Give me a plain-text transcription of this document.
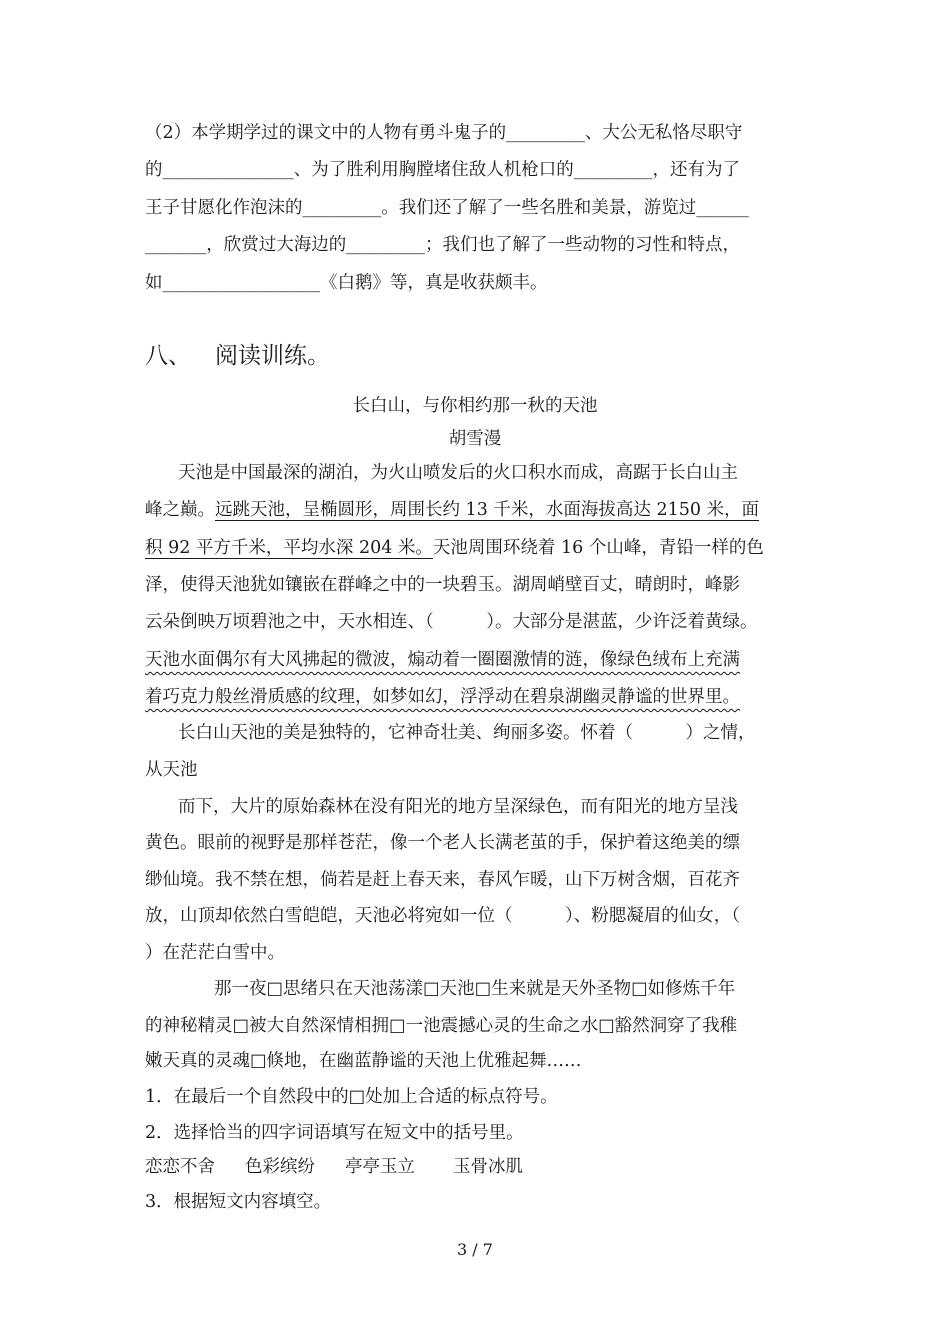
（2）本学期学过的课文中的人物有勇斗鬼子的_________、大公无私恪尽职守
的_______________、为了胜利用胸膛堵住敌人机枪口的_________，还有为了
王子甘愿化作泡沫的_________。我们还了解了一些名胜和美景，游览过______
_______，欣赏过大海边的_________；我们也了解了一些动物的习性和特点，
如__________________《白鹅》等，真是收获颇丰。
八、 阅读训练。
长白山，与你相约那一秋的天池
胡雪漫
天池是中国最深的湖泊，为火山喷发后的火口积水而成，高踞于长白山主
峰之巅。远跳天池，呈椭圆形，周围长约 13 千米，水面海拔高达 2150 米，面
积 92 平方千米，平均水深 204 米。天池周围环绕着 16 个山峰，青铅一样的色
泽，使得天池犹如镶嵌在群峰之中的一块碧玉。湖周峭壁百丈，晴朗时，峰影
云朵倒映万顷碧池之中，天水相连、（　　　）。大部分是湛蓝，少许泛着黄绿。
天池水面偶尔有大风拂起的微波，煽动着一圈圈激情的涟，像绿色绒布上充满
着巧克力般丝滑质感的纹理，如梦如幻，浮浮动在碧泉湖幽灵静谧的世界里。
长白山天池的美是独特的，它神奇壮美、绚丽多姿。怀着（　　　）之情，
从天池
而下，大片的原始森林在没有阳光的地方呈深绿色，而有阳光的地方呈浅
黄色。眼前的视野是那样苍茫，像一个老人长满老茧的手，保护着这绝美的缥
缈仙境。我不禁在想，倘若是赶上春天来，春风乍暖，山下万树含烟，百花齐
放，山顶却依然白雪皑皑，天池必将宛如一位（　　　）、粉腮凝眉的仙女，（
）在茫茫白雪中。
那一夜□思绪只在天池荡漾□天池□生来就是天外圣物□如修炼千年
的神秘精灵□被大自然深情相拥□一池震撼心灵的生命之水□豁然洞穿了我稚
嫩天真的灵魂□倏地，在幽蓝静谧的天池上优雅起舞……
1．在最后一个自然段中的□处加上合适的标点符号。
2．选择恰当的四字词语填写在短文中的括号里。
恋恋不舍 色彩缤纷 亭亭玉立 玉骨冰肌
3．根据短文内容填空。
3 / 7
